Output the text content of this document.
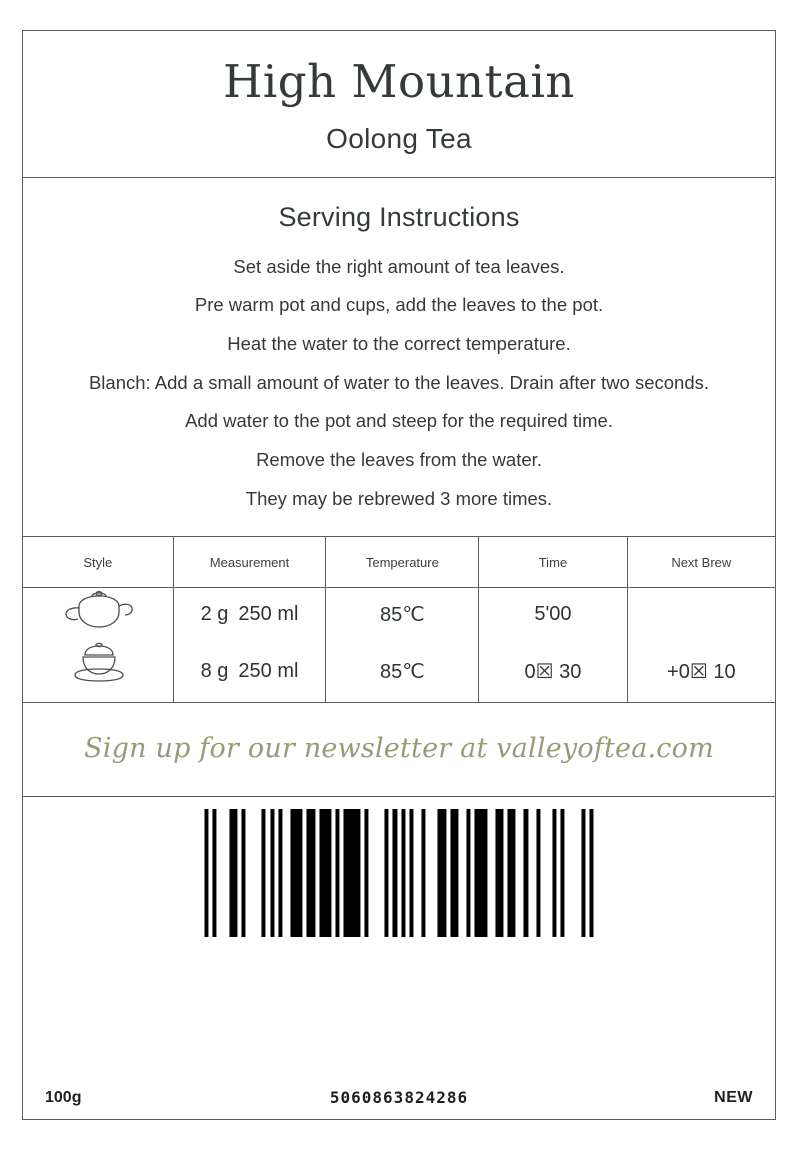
High Mountain
Oolong Tea
Serving Instructions

Set aside the right amount of tea leaves.

Pre warm pot and cups, add the leaves to the pot.

Heat the water to the correct temperature.

Blanch: Add a small amount of water to the leaves. Drain after two seconds.

Add water to the pot and steep for the required time.

Remove the leaves from the water.

They may be rebrewed 3 more times.

Style	Measurement	Temperature	Time	Next Brew
	2 g 250 ml	85℃	5'00	
	8 g 250 ml	85℃	0☒ 30	+0☒ 10
Sign up for our newsletter at valleyoftea.com
5060863824286
100g	NEW
